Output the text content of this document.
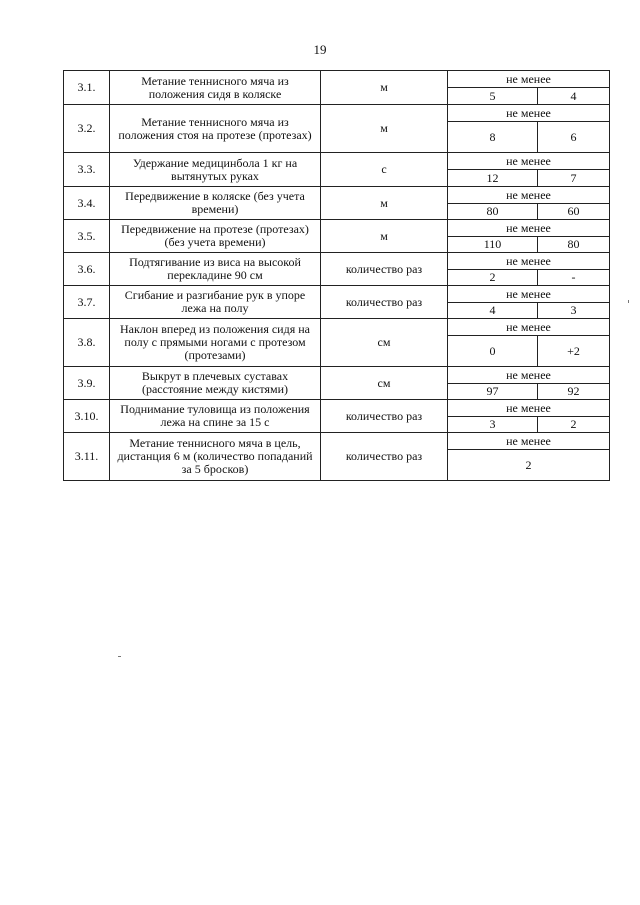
19
3.1.	Метание теннисного мяча из положения сидя в коляске	м	не менее	
			5	4
3.2.	Метание теннисного мяча из положения стоя на протезе (протезах)	м	не менее	
			8	6
3.3.	Удержание медицинбола 1 кг на вытянутых руках	с	не менее	
			12	7
3.4.	Передвижение в коляске (без учета времени)	м	не менее	
			80	60
3.5.	Передвижение на протезе (протезах) (без учета времени)	м	не менее	
			110	80
3.6.	Подтягивание из виса на высокой перекладине 90 см	количество раз	не менее	
			2	-
3.7.	Сгибание и разгибание рук в упоре лежа на полу	количество раз	не менее	
			4	3
3.8.	Наклон вперед из положения сидя на полу с прямыми ногами с протезом (протезами)	см	не менее	
			0	+2
3.9.	Выкрут в плечевых суставах (расстояние между кистями)	см	не менее	
			97	92
3.10.	Поднимание туловища из положения лежа на спине за 15 с	количество раз	не менее	
			3	2
3.11.	Метание теннисного мяча в цель, дистанция 6 м (количество попаданий за 5 бросков)	количество раз	не менее	
			2	
